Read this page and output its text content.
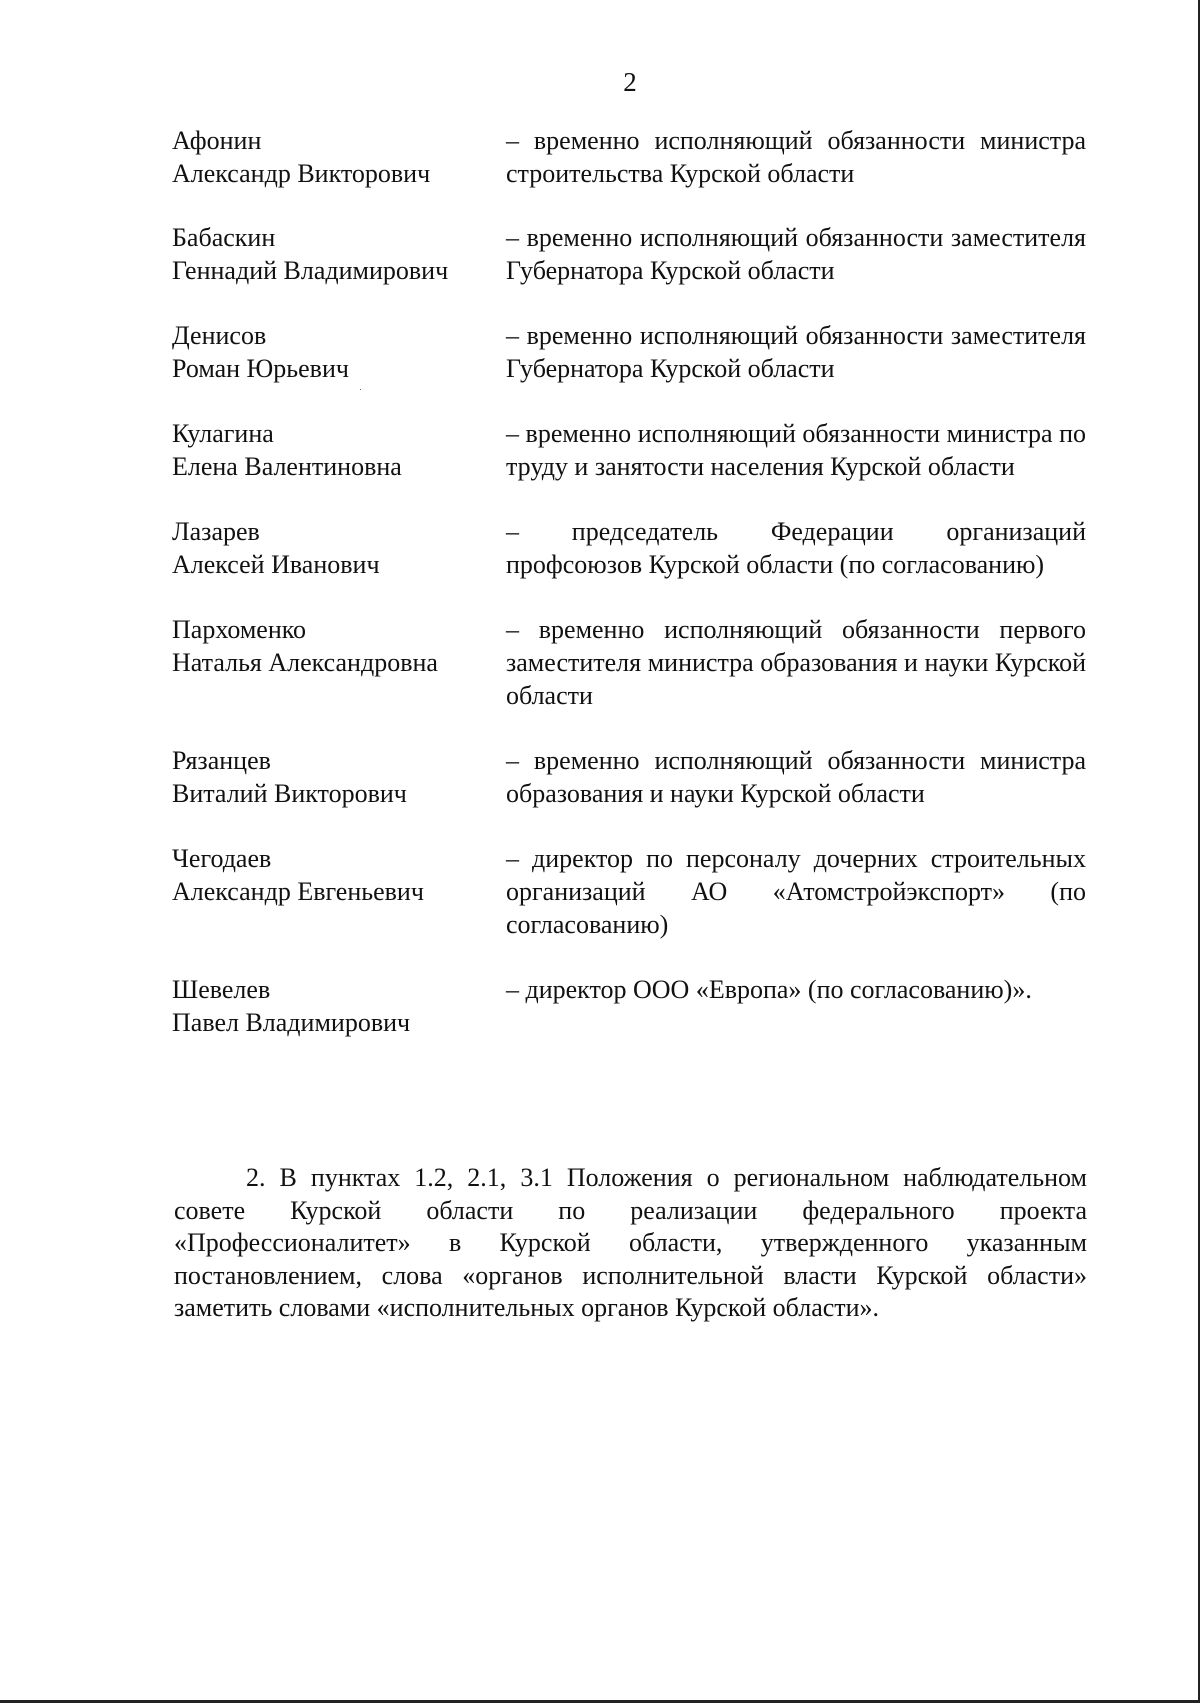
2
Афонин
Александр Викторович
– временно исполняющий обязанности министра строительства Курской области
Бабаскин
Геннадий Владимирович
– временно исполняющий обязанности заместителя Губернатора Курской области
Денисов
Роман Юрьевич
– временно исполняющий обязанности заместителя Губернатора Курской области
Кулагина
Елена Валентиновна
– временно исполняющий обязанности министра по труду и занятости населения Курской области
Лазарев
Алексей Иванович
– председатель Федерации организаций профсоюзов Курской области (по согласованию)
Пархоменко
Наталья Александровна
– временно исполняющий обязанности первого заместителя министра образования и науки Курской области
Рязанцев
Виталий Викторович
– временно исполняющий обязанности министра образования и науки Курской области
Чегодаев
Александр Евгеньевич
– директор по персоналу дочерних строительных организаций АО «Атомстройэкспорт» (по согласованию)
Шевелев
Павел Владимирович
– директор ООО «Европа» (по согласованию)».
2. В пунктах 1.2, 2.1, 3.1 Положения о региональном наблюдательном совете Курской области по реализации федерального проекта «Профессионалитет» в Курской области, утвержденного указанным постановлением, слова «органов исполнительной власти Курской области» заметить словами «исполнительных органов Курской области».
